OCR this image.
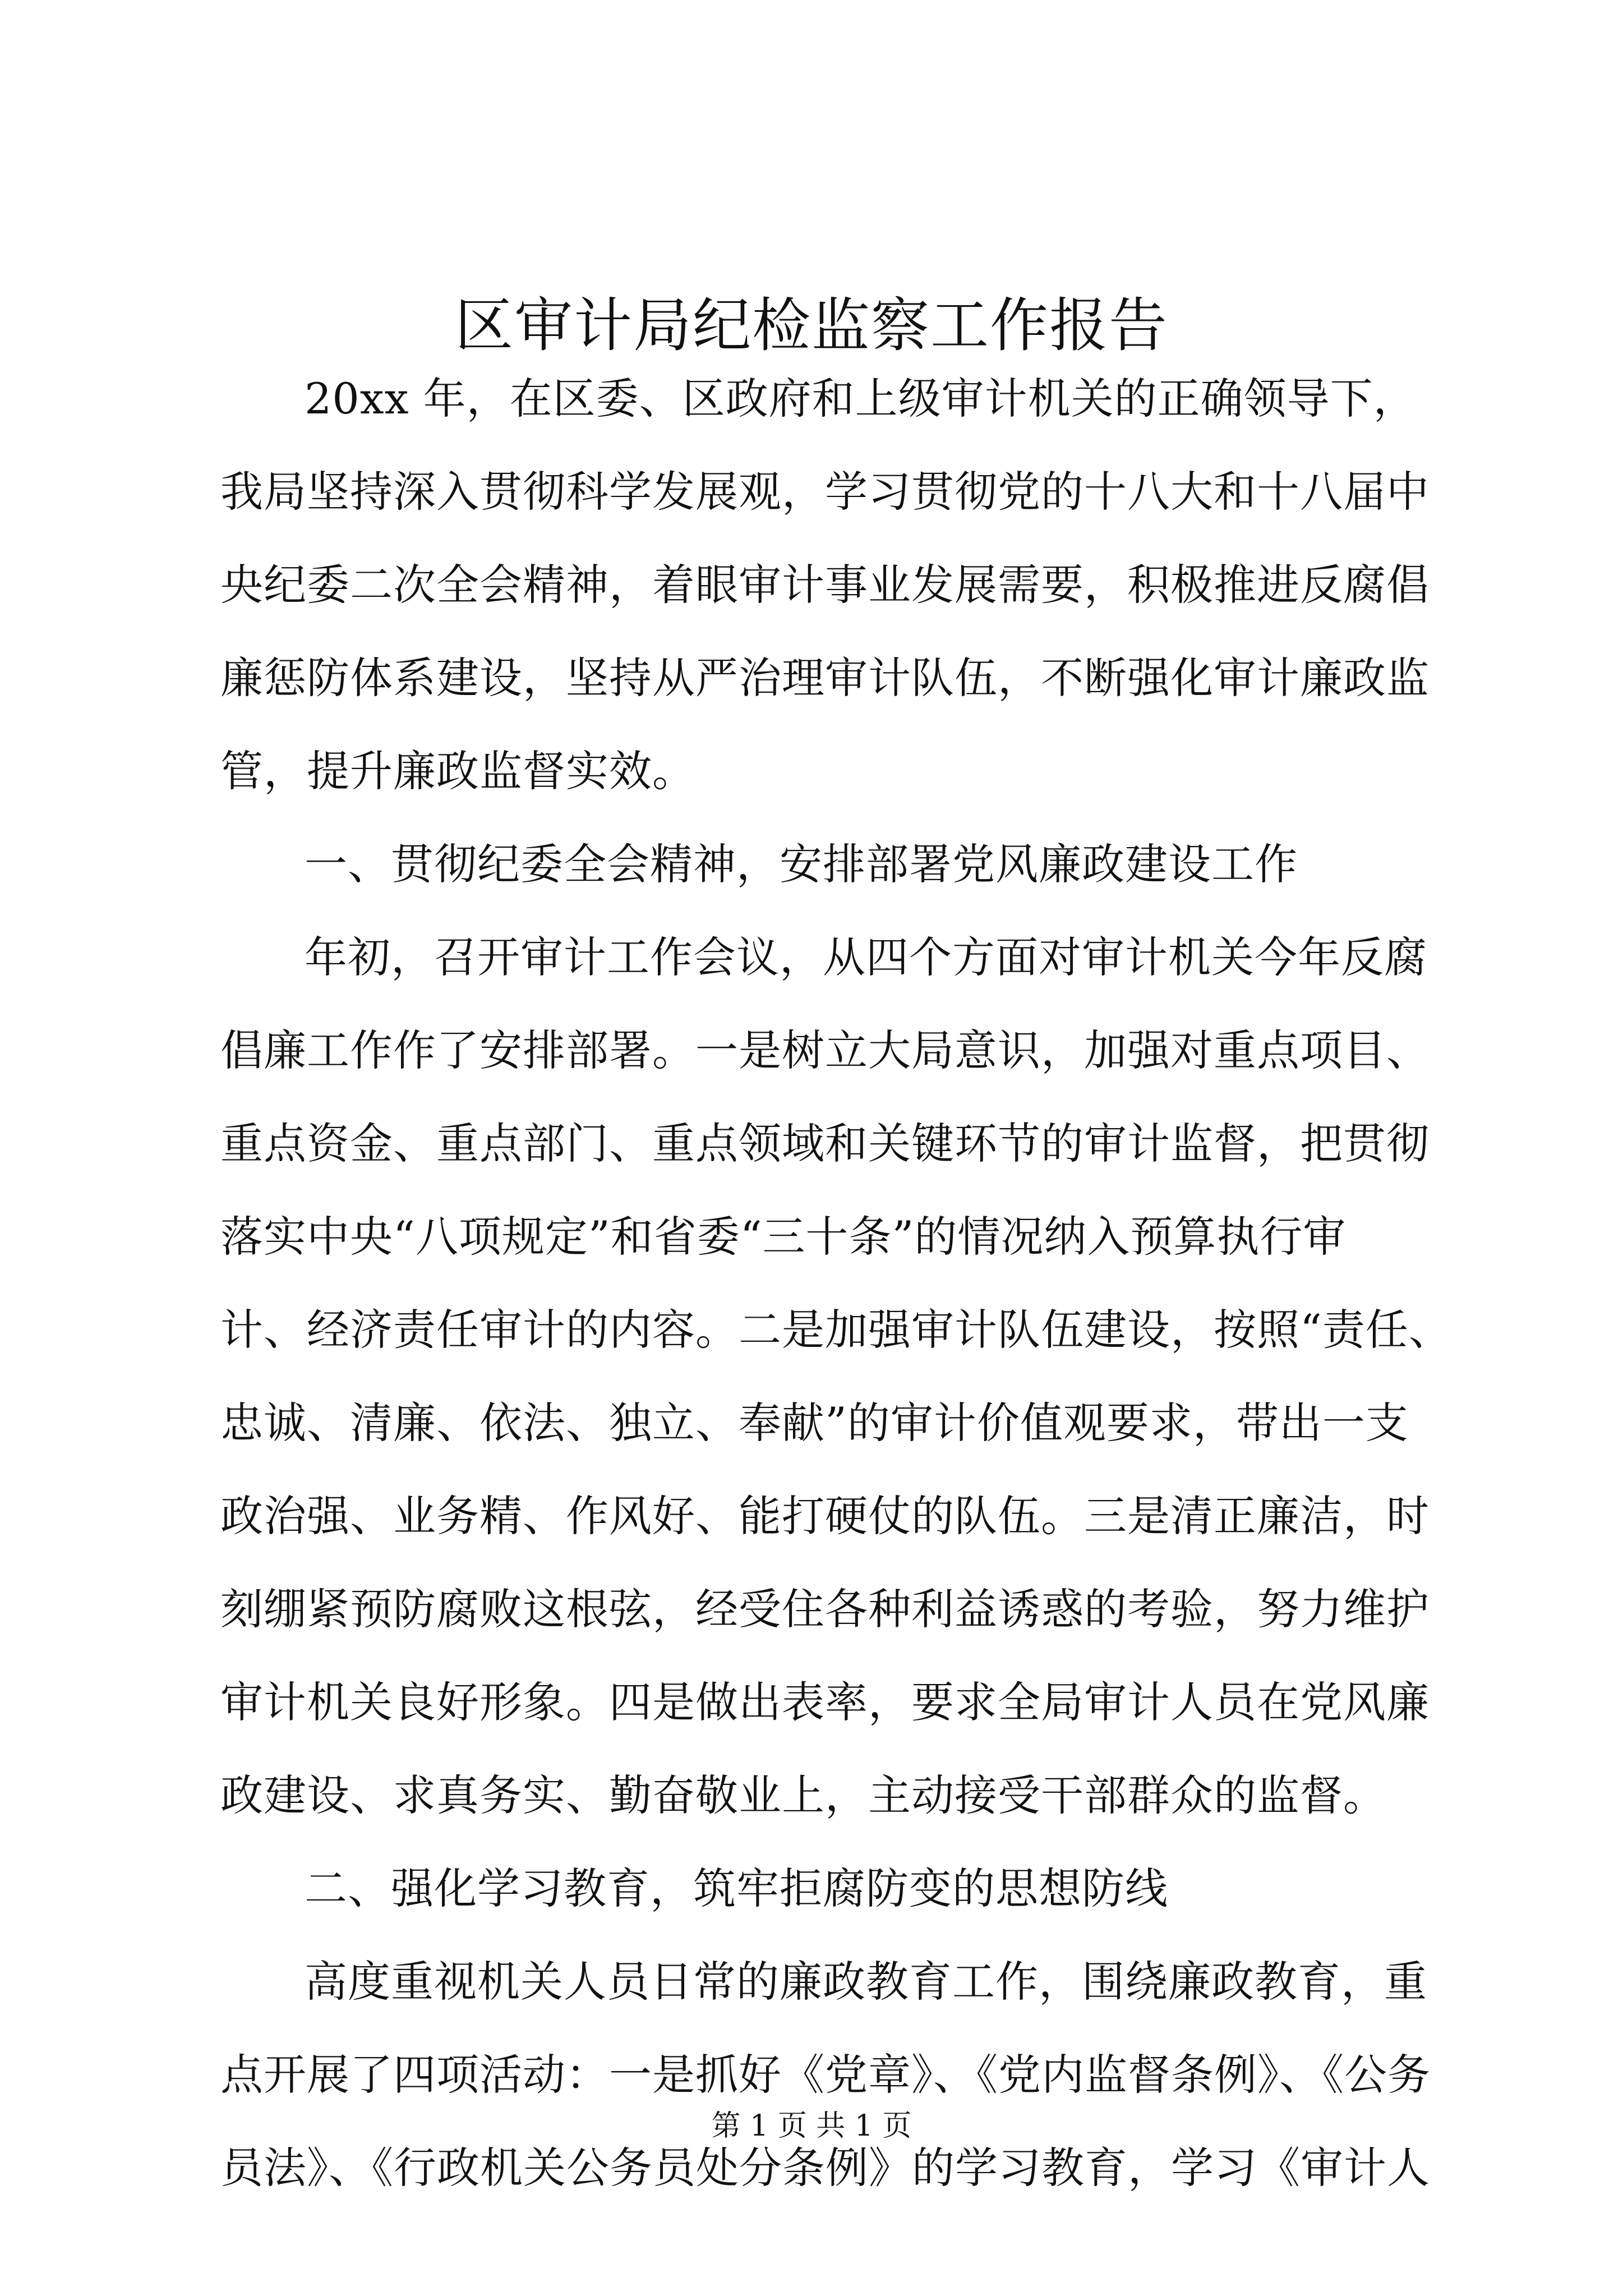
区审计局纪检监察工作报告
20xx 年，在区委、区政府和上级审计机关的正确领导下，
我局坚持深入贯彻科学发展观，学习贯彻党的十八大和十八届中
央纪委二次全会精神，着眼审计事业发展需要，积极推进反腐倡
廉惩防体系建设，坚持从严治理审计队伍，不断强化审计廉政监
管，提升廉政监督实效。
一、贯彻纪委全会精神，安排部署党风廉政建设工作
年初，召开审计工作会议，从四个方面对审计机关今年反腐
倡廉工作作了安排部署。一是树立大局意识，加强对重点项目、
重点资金、重点部门、重点领域和关键环节的审计监督，把贯彻
落实中央“八项规定”和省委“三十条”的情况纳入预算执行审
计、经济责任审计的内容。二是加强审计队伍建设，按照“责任、
忠诚、清廉、依法、独立、奉献”的审计价值观要求，带出一支
政治强、业务精、作风好、能打硬仗的队伍。三是清正廉洁，时
刻绷紧预防腐败这根弦，经受住各种利益诱惑的考验，努力维护
审计机关良好形象。四是做出表率，要求全局审计人员在党风廉
政建设、求真务实、勤奋敬业上，主动接受干部群众的监督。
二、强化学习教育，筑牢拒腐防变的思想防线
高度重视机关人员日常的廉政教育工作，围绕廉政教育，重
点开展了四项活动：一是抓好《党章》、《党内监督条例》、《公务
员法》、《行政机关公务员处分条例》的学习教育，学习《审计人
第 1 页 共 1 页
